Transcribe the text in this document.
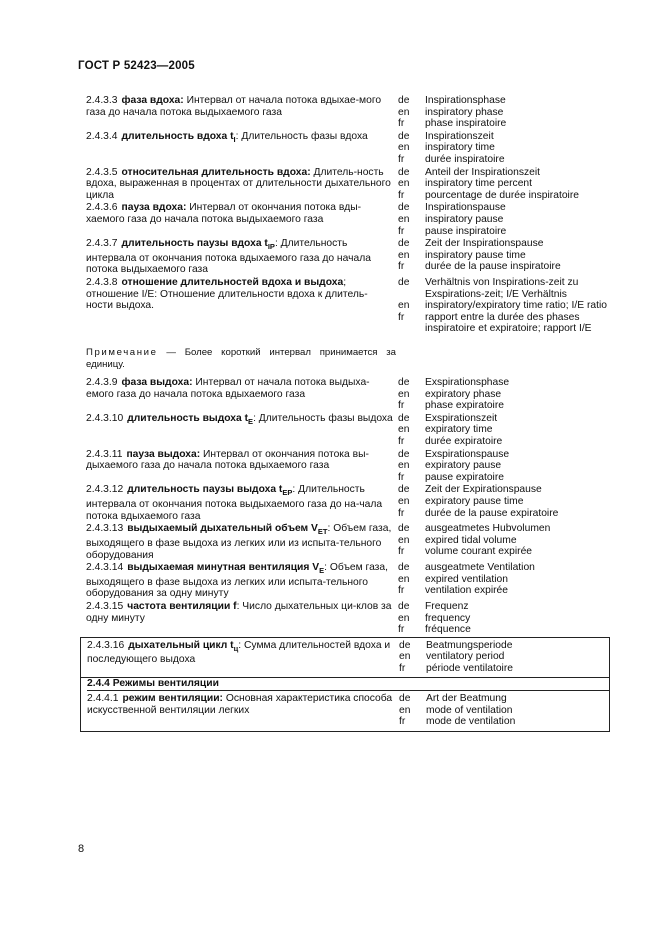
ГОСТ Р 52423—2005
2.4.3.3 фаза вдоха: Интервал от начала потока вдыхае-мого газа до начала потока выдыхаемого газа
de	Inspirationsphase
en	inspiratory phase
fr	phase inspiratoire
2.4.3.4 длительность вдоха $t_I$: Длительность фазы вдоха	de	Inspirationszeit
en	inspiratory time
fr	durée inspiratoire
2.4.3.5 относительная длительность вдоха: Длитель-ность вдоха, выраженная в процентах от длительности дыхательного цикла
de	Anteil der Inspirationszeit
en	inspiratory time percent
fr	pourcentage de durée inspiratoire
2.4.3.6 пауза вдоха: Интервал от окончания потока вды-хаемого газа до начала потока выдыхаемого газа
de	Inspirationspause
en	inspiratory pause
fr	pause inspiratoire
2.4.3.7 длительность паузы вдоха $t_{IP}$: Длительность интервала от окончания потока вдыхаемого газа до начала потока выдыхаемого газа
de	Zeit der Inspirationspause
en	inspiratory pause time
fr	durée de la pause inspiratoire
2.4.3.8 отношение длительностей вдоха и выдоха; отношение I/E: Отношение длительности вдоха к длитель-ности выдоха.
de	Verhältnis von Inspirations-zeit zu Exspirations-zeit; I/E Verhältnis
en	inspiratory/expiratory time ratio; I/E ratio
fr	rapport entre la durée des phases inspiratoire et expiratoire; rapport I/E
Примечание — Более короткий интервал принимается за единицу.
2.4.3.9 фаза выдоха: Интервал от начала потока выдыха-емого газа до начала потока вдыхаемого газа
de	Exspirationsphase
en	expiratory phase
fr	phase expiratoire
2.4.3.10 длительность выдоха $t_E$: Длительность фазы выдоха de	Exspirationszeit
en	expiratory time
fr	durée expiratoire
2.4.3.11 пауза выдоха: Интервал от окончания потока вы-дыхаемого газа до начала потока вдыхаемого газа
de	Exspirationspause
en	expiratory pause
fr	pause expiratoire
2.4.3.12 длительность паузы выдоха $t_{EP}$: Длительность интервала от окончания потока выдыхаемого газа до на-чала потока вдыхаемого газа
de	Zeit der Expirationspause
en	expiratory pause time
fr	durée de la pause expiratoire
2.4.3.13 выдыхаемый дыхательный объем $V_{ET}$: Объем газа, выходящего в фазе выдоха из легких или из испыта-тельного оборудования
de	ausgeatmetes Hubvolumen
en	expired tidal volume
fr	volume courant expirée
2.4.3.14 выдыхаемая минутная вентиляция $V_E$: Объем газа, выходящего в фазе выдоха из легких или испыта-тельного оборудования за одну минуту
de	ausgeatmete Ventilation
en	expired ventilation
fr	ventilation expirée
2.4.3.15 частота вентиляции f: Число дыхательных ци-клов за одну минуту
de	Frequenz
en	frequency
fr	fréquence
2.4.3.16 дыхательный цикл $t_ц$: Сумма длительностей вдоха и последующего выдоха
de	Beatmungsperiode
en	ventilatory period
fr	période ventilatoire
2.4.4 Режимы вентиляции
2.4.4.1 режим вентиляции: Основная характеристика способа искусственной вентиляции легких
de	Art der Beatmung
en	mode of ventilation
fr	mode de ventilation
8
